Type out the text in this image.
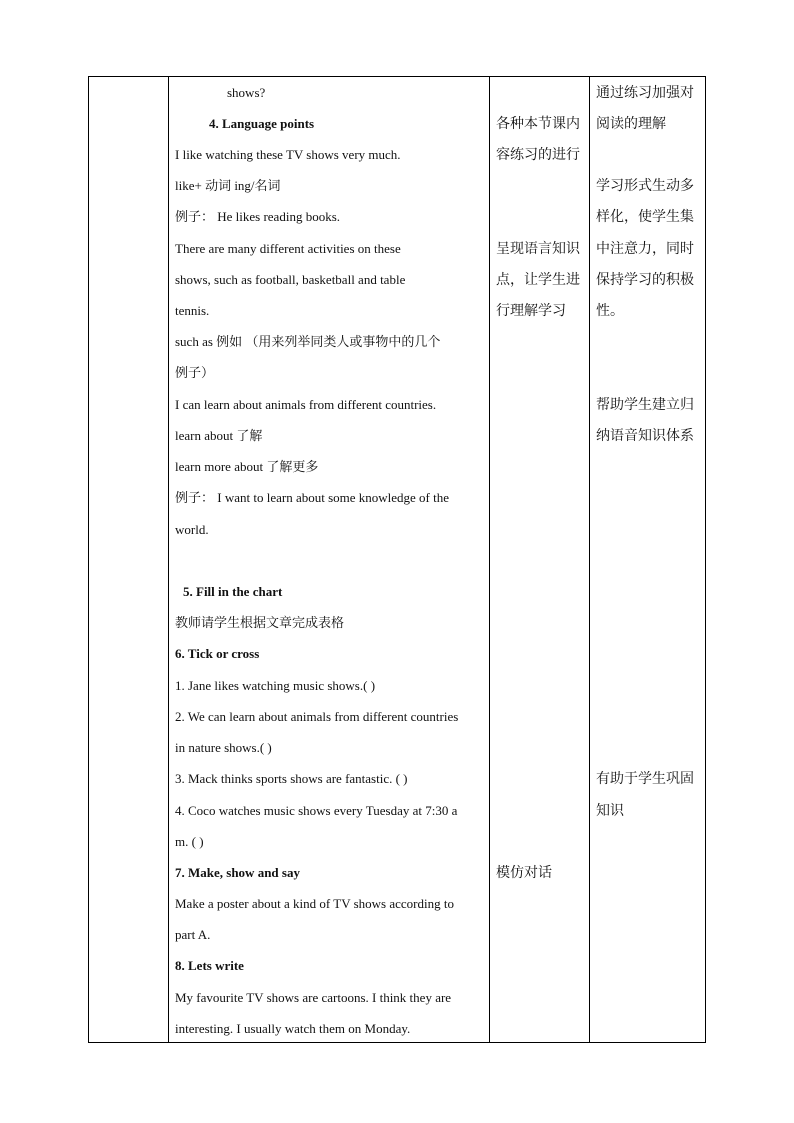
shows?
4. Language points
I like watching these TV shows very much.
like+ 动词 ing/名词
例子： He likes reading books.
There are many different activities on these
shows, such as football, basketball and table
tennis.
such as 例如 （用来列举同类人或事物中的几个
例子）
I can learn about animals from different countries.
learn about 了解
learn more about 了解更多
例子： I want to learn about some knowledge of the
world.
5. Fill in the chart
教师请学生根据文章完成表格
6. Tick or cross
1. Jane likes watching music shows.( )
2. We can learn about animals from different countries
in nature shows.( )
3. Mack thinks sports shows are fantastic. ( )
4. Coco watches music shows every Tuesday at 7:30 a
m. ( )
7. Make, show and say
Make a poster about a kind of TV shows according to
part A.
8. Lets write
My favourite TV shows are cartoons. I think they are
interesting. I usually watch them on Monday.
各种本节课内
容练习的进行
呈现语言知识
点，让学生进
行理解学习
模仿对话
通过练习加强对
阅读的理解
学习形式生动多
样化，使学生集
中注意力，同时
保持学习的积极
性。
帮助学生建立归
纳语音知识体系
有助于学生巩固
知识
